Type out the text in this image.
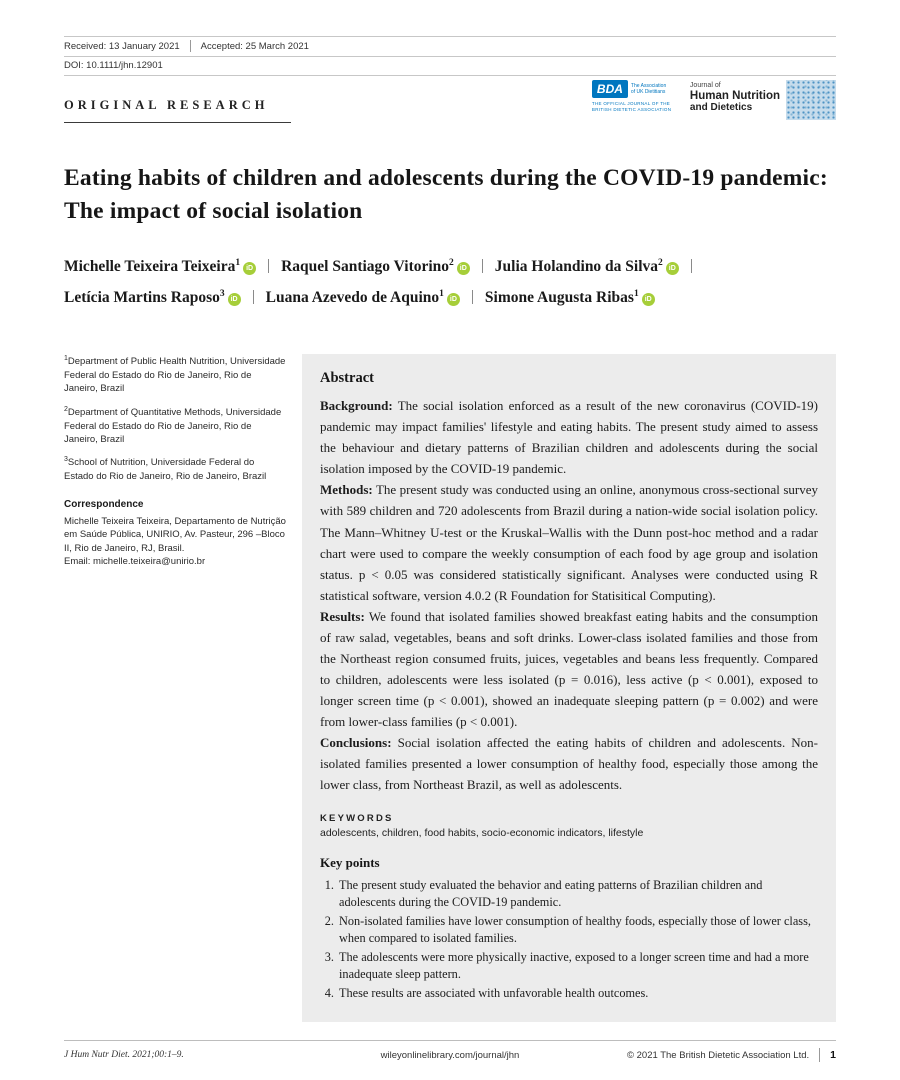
Received: 13 January 2021 Accepted: 25 March 2021
DOI: 10.1111/jhn.12901
ORIGINAL RESEARCH
BDA	The Association
of UK Dietitians
THE OFFICIAL JOURNAL OF THE BRITISH DIETETIC ASSOCIATION
Journal of
Human Nutrition
and Dietetics
Eating habits of children and adolescents during the COVID-19 pandemic: The impact of social isolation
Michelle Teixeira Teixeira$^1$iD Raquel Santiago Vitorino$^2$iD Julia Holandino da Silva$^2$iDLetícia Martins Raposo$^3$iD Luana Azevedo de Aquino$^1$iD Simone Augusta Ribas$^1$iD

$^1$Department of Public Health Nutrition, Universidade Federal do Estado do Rio de Janeiro, Rio de Janeiro, Brazil

$^2$Department of Quantitative Methods, Universidade Federal do Estado do Rio de Janeiro, Rio de Janeiro, Brazil

$^3$School of Nutrition, Universidade Federal do Estado do Rio de Janeiro, Rio de Janeiro, Brazil

Correspondence

Michelle Teixeira Teixeira, Departamento de Nutrição em Saúde Pública, UNIRIO, Av. Pasteur, 296 –Bloco II, Rio de Janeiro, RJ, Brasil.

Email: michelle.teixeira@unirio.br

Abstract

Background: The social isolation enforced as a result of the new coronavirus (COVID-19) pandemic may impact families' lifestyle and eating habits. The present study aimed to assess the behaviour and dietary patterns of Brazilian children and adolescents during the social isolation imposed by the COVID-19 pandemic.

Methods: The present study was conducted using an online, anonymous cross-sectional survey with 589 children and 720 adolescents from Brazil during a nation-wide social isolation policy. The Mann–Whitney U-test or the Kruskal–Wallis with the Dunn post-hoc method and a radar chart were used to compare the weekly consumption of each food by age group and isolation status. p < 0.05 was considered statistically significant. Analyses were conducted using R statistical software, version 4.0.2 (R Foundation for Statisitical Computing).

Results: We found that isolated families showed breakfast eating habits and the consumption of raw salad, vegetables, beans and soft drinks. Lower-class isolated families and those from the Northeast region consumed fruits, juices, vegetables and beans less frequently. Compared to children, adolescents were less isolated (p = 0.016), less active (p < 0.001), exposed to longer screen time (p < 0.001), showed an inadequate sleeping pattern (p = 0.002) and were from lower-class families (p < 0.001).

Conclusions: Social isolation affected the eating habits of children and adolescents. Non-isolated families presented a lower consumption of healthy food, especially those among the lower class, from Northeast Brazil, as well as adolescents.

KEYWORDS

adolescents, children, food habits, socio-economic indicators, lifestyle

Key points
1. The present study evaluated the behavior and eating patterns of Brazilian children and adolescents during the COVID-19 pandemic.
2. Non-isolated families have lower consumption of healthy foods, especially those of lower class, when compared to isolated families.
3. The adolescents were more physically inactive, exposed to a longer screen time and had a more inadequate sleep pattern.
4. These results are associated with unfavorable health outcomes.
J Hum Nutr Diet. 2021;00:1–9.	wileyonlinelibrary.com/journal/jhn	© 2021 The British Dietetic Association Ltd. 1
